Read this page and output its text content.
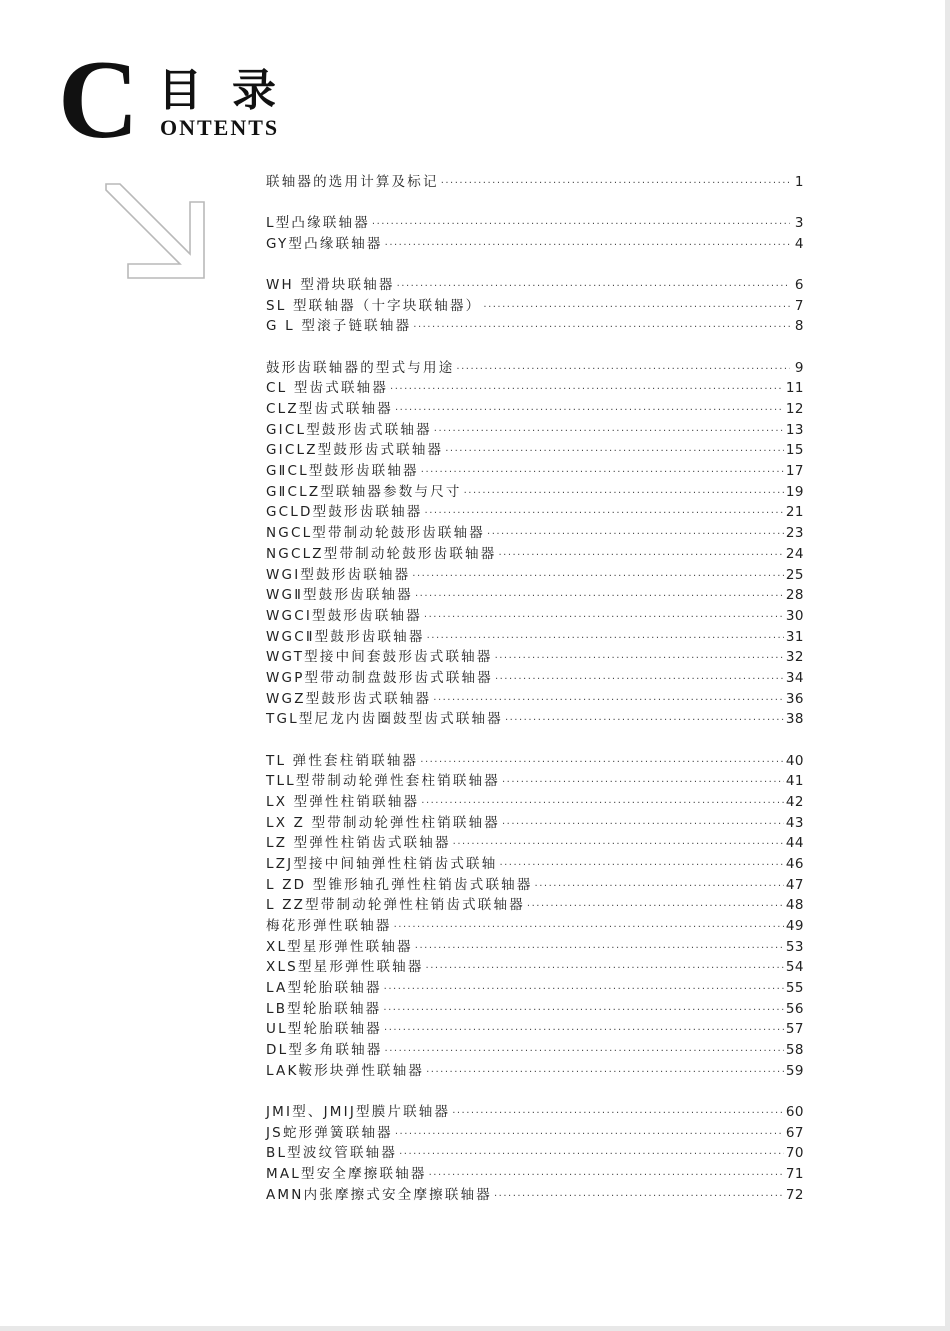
C 目录
ONTENTS
联轴器的选用计算及标记 ·····	1
L型凸缘联轴器 ·····	3
GY型凸缘联轴器 ·····	4
WH 型滑块联轴器 ·····	6
SL 型联轴器（十字块联轴器） ·····	7
G L 型滚子链联轴器 ·····	8
鼓形齿联轴器的型式与用途 ·····	9
CL 型齿式联轴器 ·····	11
CLZ型齿式联轴器 ·····	12
GICL型鼓形齿式联轴器 ·····	13
GICLZ型鼓形齿式联轴器 ·····	15
GⅡCL型鼓形齿联轴器 ·····	17
GⅡCLZ型联轴器参数与尺寸 ·····	19
GCLD型鼓形齿联轴器 ·····	21
NGCL型带制动轮鼓形齿联轴器 ·····	23
NGCLZ型带制动轮鼓形齿联轴器 ·····	24
WGI型鼓形齿联轴器 ·····	25
WGⅡ型鼓形齿联轴器 ·····	28
WGCI型鼓形齿联轴器 ·····	30
WGCⅡ型鼓形齿联轴器 ·····	31
WGT型接中间套鼓形齿式联轴器 ·····	32
WGP型带动制盘鼓形齿式联轴器 ·····	34
WGZ型鼓形齿式联轴器 ·····	36
TGL型尼龙内齿圈鼓型齿式联轴器 ·····	38
TL 弹性套柱销联轴器 ·····	40
TLL型带制动轮弹性套柱销联轴器 ·····	41
LX 型弹性柱销联轴器 ·····	42
LX Z 型带制动轮弹性柱销联轴器 ·····	43
LZ 型弹性柱销齿式联轴器 ·····	44
LZJ型接中间轴弹性柱销齿式联轴 ·····	46
L ZD 型锥形轴孔弹性柱销齿式联轴器 ·····	47
L ZZ型带制动轮弹性柱销齿式联轴器 ·····	48
梅花形弹性联轴器 ·····	49
XL型星形弹性联轴器 ·····	53
XLS型星形弹性联轴器 ·····	54
LA型轮胎联轴器 ·····	55
LB型轮胎联轴器 ·····	56
UL型轮胎联轴器 ·····	57
DL型多角联轴器 ·····	58
LAK鞍形块弹性联轴器 ·····	59
JMI型、JMIJ型膜片联轴器 ·····	60
JS蛇形弹簧联轴器 ·····	67
BL型波纹管联轴器 ·····	70
MAL型安全摩擦联轴器 ·····	71
AMN内张摩擦式安全摩擦联轴器 ·····	72
